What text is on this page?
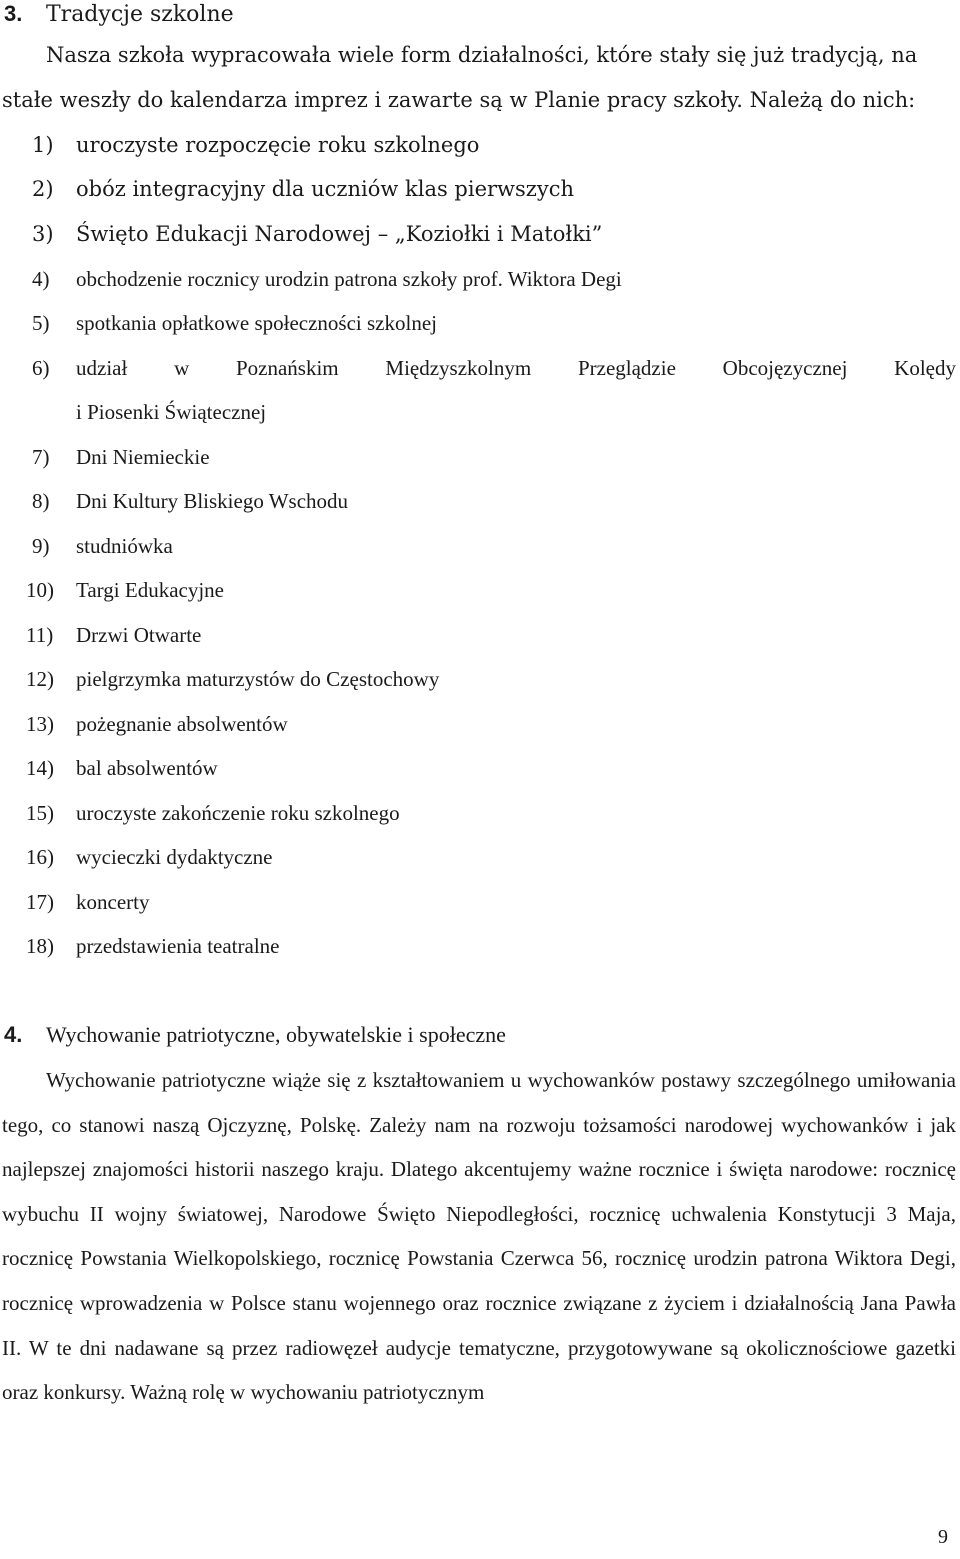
3. Tradycje szkolne
Nasza szkoła wypracowała wiele form działalności, które stały się już tradycją, na
stałe weszły do kalendarza imprez i zawarte są w Planie pracy szkoły. Należą do nich:
1) uroczyste rozpoczęcie roku szkolnego
2) obóz integracyjny dla uczniów klas pierwszych
3) Święto Edukacji Narodowej – „Koziołki i Matołki”
4) obchodzenie rocznicy urodzin patrona szkoły prof. Wiktora Degi
5) spotkania opłatkowe społeczności szkolnej
6)	udział w Poznańskim Międzyszkolnym Przeglądzie Obcojęzycznej Kolędy
i Piosenki Świątecznej
7) Dni Niemieckie
8) Dni Kultury Bliskiego Wschodu
9) studniówka
10) Targi Edukacyjne
11) Drzwi Otwarte
12) pielgrzymka maturzystów do Częstochowy
13) pożegnanie absolwentów
14) bal absolwentów
15) uroczyste zakończenie roku szkolnego
16) wycieczki dydaktyczne
17) koncerty
18) przedstawienia teatralne
4. Wychowanie patriotyczne, obywatelskie i społeczne
Wychowanie patriotyczne wiąże się z kształtowaniem u wychowanków postawy szczególnego umiłowania tego, co stanowi naszą Ojczyznę, Polskę. Zależy nam na rozwoju tożsamości narodowej wychowanków i jak najlepszej znajomości historii naszego kraju. Dlatego akcentujemy ważne rocznice i święta narodowe: rocznicę wybuchu II wojny światowej, Narodowe Święto Niepodległości, rocznicę uchwalenia Konstytucji 3 Maja, rocznicę Powstania Wielkopolskiego, rocznicę Powstania Czerwca 56, rocznicę urodzin patrona Wiktora Degi, rocznicę wprowadzenia w Polsce stanu wojennego oraz rocznice związane z życiem i działalnością Jana Pawła II. W te dni nadawane są przez radiowęzeł audycje tematyczne, przygotowywane są okolicznościowe gazetki oraz konkursy. Ważną rolę w wychowaniu patriotycznym
9
